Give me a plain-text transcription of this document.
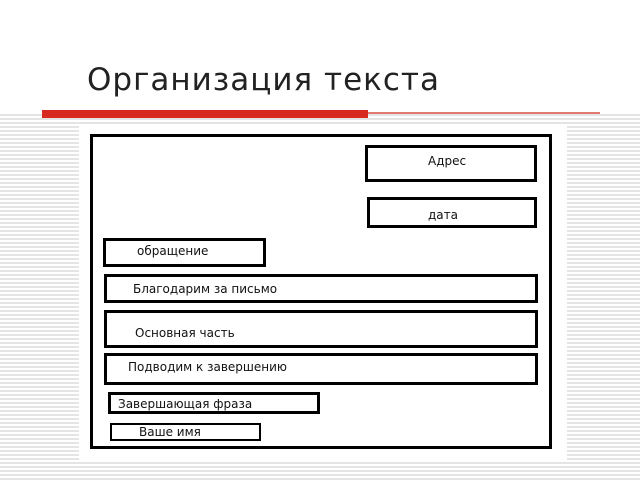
Организация текста
Адрес
дата
обращение
Благодарим за письмо
Основная часть
Подводим к завершению
Завершающая фраза
Ваше имя
